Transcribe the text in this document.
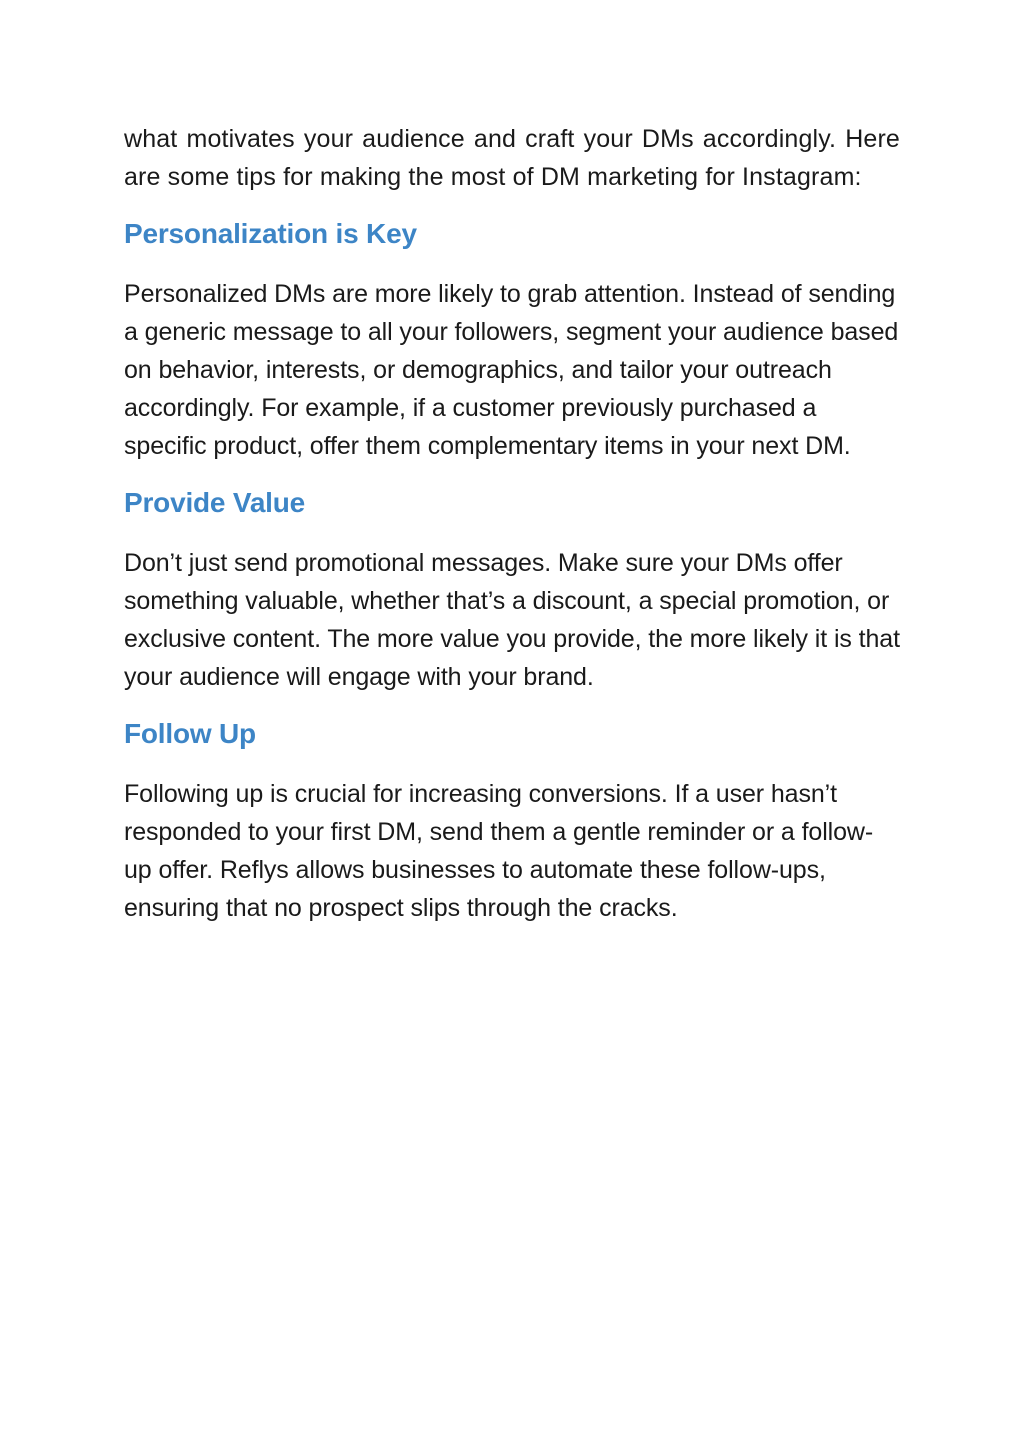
what motivates your audience and craft your DMs accordingly. Here are some tips for making the most of DM marketing for Instagram:

Personalization is Key

Personalized DMs are more likely to grab attention. Instead of sending a generic message to all your followers, segment your audience based on behavior, interests, or demographics, and tailor your outreach accordingly. For example, if a customer previously purchased a specific product, offer them complementary items in your next DM.

Provide Value

Don’t just send promotional messages. Make sure your DMs offer something valuable, whether that’s a discount, a special promotion, or exclusive content. The more value you provide, the more likely it is that your audience will engage with your brand.

Follow Up

Following up is crucial for increasing conversions. If a user hasn’t responded to your first DM, send them a gentle reminder or a follow-up offer. Reflys allows businesses to automate these follow-ups, ensuring that no prospect slips through the cracks.
